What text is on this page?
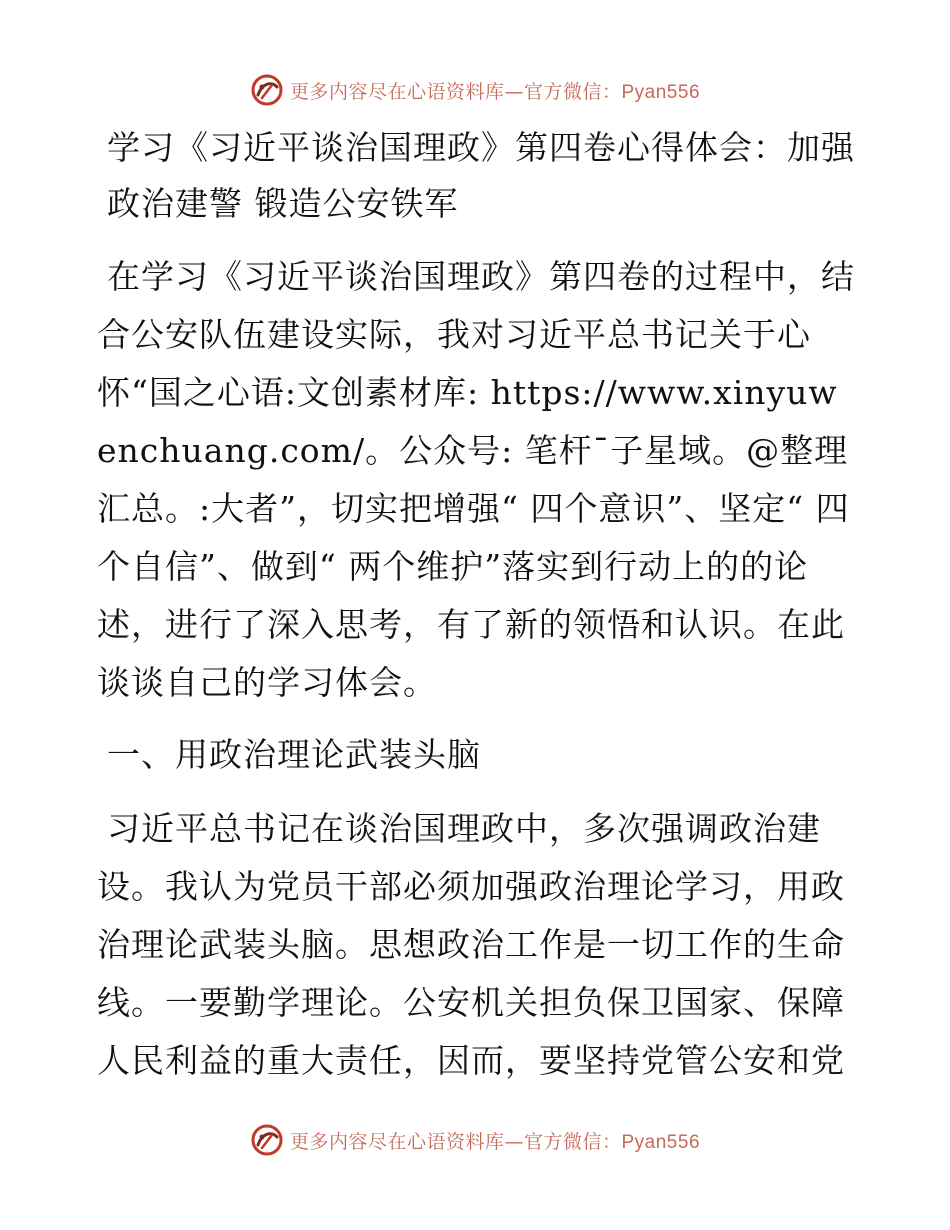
更多内容尽在心语资料库—官方微信：Pyan556
学习《习近平谈治国理政》第四卷心得体会：加强政治建警 锻造公安铁军

在学习《习近平谈治国理政》第四卷的过程中，结合公安队伍建设实际，我对习近平总书记关于心怀“国之心语:文创素材库: https://www.xinyuwenchuang.com/。公众号: 笔杆¯子星域。@整理汇总。:大者”，切实把增强“ 四个意识”、坚定“ 四个自信”、做到“ 两个维护”落实到行动上的的论述，进行了深入思考，有了新的领悟和认识。在此谈谈自己的学习体会。

一、用政治理论武装头脑

习近平总书记在谈治国理政中，多次强调政治建设。我认为党员干部必须加强政治理论学习，用政治理论武装头脑。思想政治工作是一切工作的生命线。一要勤学理论。公安机关担负保卫国家、保障人民利益的重大责任，因而，要坚持党管公安和党

更多内容尽在心语资料库—官方微信：Pyan556
